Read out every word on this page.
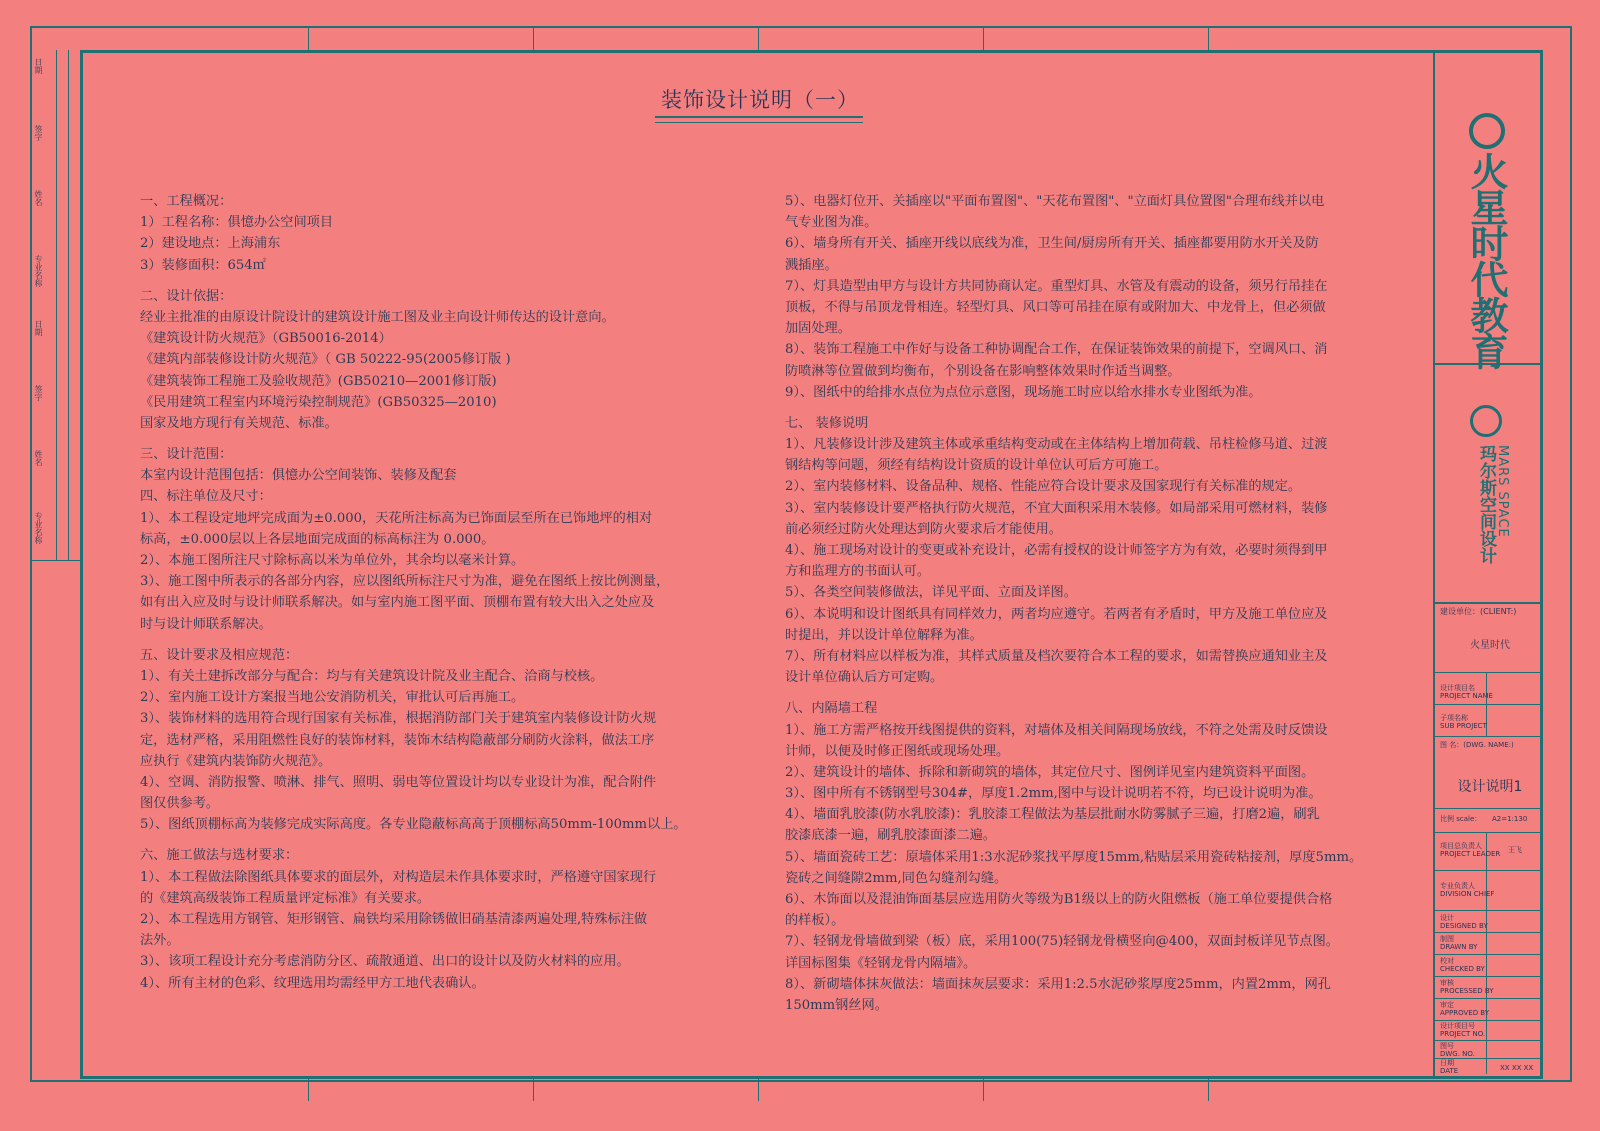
日期
签字
姓名
专业名称
日期
签字
姓名
专业名称
装饰设计说明（一）
一、工程概况：
1）工程名称：俱憶办公空间项目
2）建设地点：上海浦东
3）装修面积：654㎡
二、设计依据：
经业主批准的由原设计院设计的建筑设计施工图及业主向设计师传达的设计意向。
《建筑设计防火规范》（GB50016-2014）
《建筑内部装修设计防火规范》（ GB 50222-95(2005修订版 )
《建筑装饰工程施工及验收规范》(GB50210—2001修订版)
《民用建筑工程室内环境污染控制规范》(GB50325—2010)
国家及地方现行有关规范、标准。
三、设计范围：
本室内设计范围包括：俱憶办公空间装饰、装修及配套
四、标注单位及尺寸：
1）、本工程设定地坪完成面为±0.000，天花所注标高为已饰面层至所在已饰地坪的相对
标高，±0.000层以上各层地面完成面的标高标注为 0.000。
2）、本施工图所注尺寸除标高以米为单位外，其余均以毫米计算。
3）、施工图中所表示的各部分内容，应以图纸所标注尺寸为准，避免在图纸上按比例测量，
如有出入应及时与设计师联系解决。如与室内施工图平面、顶棚布置有较大出入之处应及
时与设计师联系解决。
五、设计要求及相应规范：
1）、有关土建拆改部分与配合：均与有关建筑设计院及业主配合、洽商与校核。
2）、室内施工设计方案报当地公安消防机关，审批认可后再施工。
3）、装饰材料的选用符合现行国家有关标准，根据消防部门关于建筑室内装修设计防火规
定，选材严格，采用阻燃性良好的装饰材料，装饰木结构隐蔽部分刷防火涂料，做法工序
应执行《建筑内装饰防火规范》。
4）、空调、消防报警、喷淋、排气、照明、弱电等位置设计均以专业设计为准，配合附件
图仅供参考。
5）、图纸顶棚标高为装修完成实际高度。各专业隐蔽标高高于顶棚标高50mm-100mm以上。
六、施工做法与选材要求：
1）、本工程做法除图纸具体要求的面层外，对构造层未作具体要求时，严格遵守国家现行
的《建筑高级装饰工程质量评定标准》有关要求。
2）、本工程选用方钢管、矩形钢管、扁铁均采用除锈做旧硝基清漆两遍处理,特殊标注做
法外。
3）、该项工程设计充分考虑消防分区、疏散通道、出口的设计以及防火材料的应用。
4）、所有主材的色彩、纹理选用均需经甲方工地代表确认。
5）、电器灯位开、关插座以"平面布置图"、"天花布置图"、"立面灯具位置图"合理布线并以电
气专业图为准。
6）、墙身所有开关、插座开线以底线为准，卫生间/厨房所有开关、插座都要用防水开关及防
溅插座。
7）、灯具造型由甲方与设计方共同协商认定。重型灯具、水管及有震动的设备，须另行吊挂在
顶板，不得与吊顶龙骨相连。轻型灯具、风口等可吊挂在原有或附加大、中龙骨上，但必须做
加固处理。
8）、装饰工程施工中作好与设备工种协调配合工作，在保证装饰效果的前提下，空调风口、消
防喷淋等位置做到均衡布，个别设备在影响整体效果时作适当调整。
9）、图纸中的给排水点位为点位示意图，现场施工时应以给水排水专业图纸为准。
七、 装修说明
1）、凡装修设计涉及建筑主体或承重结构变动或在主体结构上增加荷载、吊柱检修马道、过渡
钢结构等问题，须经有结构设计资质的设计单位认可后方可施工。
2）、室内装修材料、设备品种、规格、性能应符合设计要求及国家现行有关标准的规定。
3）、室内装修设计要严格执行防火规范，不宜大面积采用木装修。如局部采用可燃材料，装修
前必须经过防火处理达到防火要求后才能使用。
4）、施工现场对设计的变更或补充设计，必需有授权的设计师签字方为有效，必要时须得到甲
方和监理方的书面认可。
5）、各类空间装修做法，详见平面、立面及详图。
6）、本说明和设计图纸具有同样效力，两者均应遵守。若两者有矛盾时，甲方及施工单位应及
时提出，并以设计单位解释为准。
7）、所有材料应以样板为准，其样式质量及档次要符合本工程的要求，如需替换应通知业主及
设计单位确认后方可定购。
八、内隔墙工程
1）、施工方需严格按开线图提供的资料，对墙体及相关间隔现场放线，不符之处需及时反馈设
计师，以便及时修正图纸或现场处理。
2）、建筑设计的墙体、拆除和新砌筑的墙体，其定位尺寸、图例详见室内建筑资料平面图。
3）、图中所有不锈钢型号304#，厚度1.2mm,图中与设计说明若不符，均已设计说明为准。
4）、墙面乳胶漆(防水乳胶漆)：乳胶漆工程做法为基层批耐水防雾腻子三遍，打磨2遍，刷乳
胶漆底漆一遍，刷乳胶漆面漆二遍。
5）、墙面瓷砖工艺：原墙体采用1:3水泥砂浆找平厚度15mm,粘贴层采用瓷砖粘接剂，厚度5mm。
瓷砖之间缝隙2mm,同色勾缝剂勾缝。
6）、木饰面以及混油饰面基层应选用防火等级为B1级以上的防火阻燃板（施工单位要提供合格
的样板）。
7）、轻钢龙骨墙做到梁（板）底，采用100(75)轻钢龙骨横竖向@400，双面封板详见节点图。
详国标图集《轻钢龙骨内隔墙》。
8）、新砌墙体抹灰做法：墙面抹灰层要求：采用1:2.5水泥砂浆厚度25mm，内置2mm，网孔
150mm钢丝网。
火星时代教育
MARS SPACE
玛尔斯空间设计
建设单位：(CLIENT:)
火星时代
设计项目名
PROJECT NAME
子项名称
SUB PROJECT
图 名：(DWG. NAME:)
设计说明1
比例 scale： A2=1:130
项目总负责人
PROJECT LEADER 王飞
专业负责人
DIVISION CHIEF
设计
DESIGNED BY
制图
DRAWN BY
校对
CHECKED BY
审核
PROCESSED BY
审定
APPROVED BY
设计项目号
PROJECT NO.
图号
DWG. NO.
日期
DATE	XX XX XX
